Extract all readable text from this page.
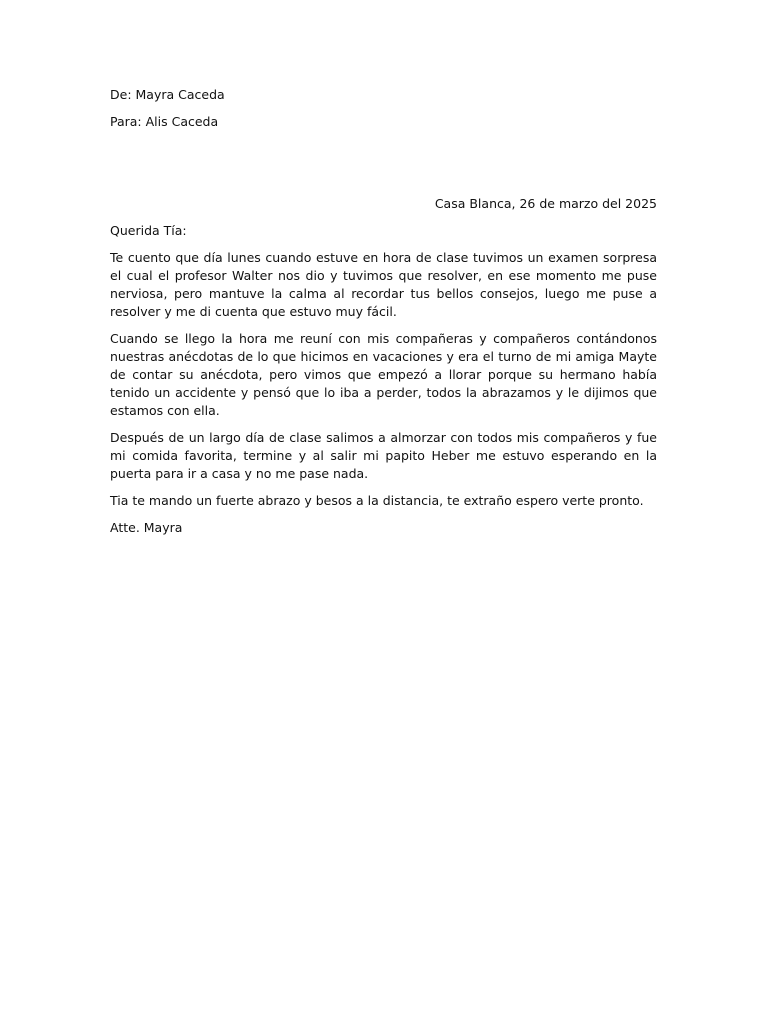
De: Mayra Caceda

Para: Alis Caceda

Casa Blanca, 26 de marzo del 2025

Querida Tía:

Te cuento que día lunes cuando estuve en hora de clase tuvimos un examen sorpresa el cual el profesor Walter nos dio y tuvimos que resolver, en ese momento me puse nerviosa, pero mantuve la calma al recordar tus bellos consejos, luego me puse a resolver y me di cuenta que estuvo muy fácil.

Cuando se llego la hora me reuní con mis compañeras y compañeros contándonos nuestras anécdotas de lo que hicimos en vacaciones y era el turno de mi amiga Mayte de contar su anécdota, pero vimos que empezó a llorar porque su hermano había tenido un accidente y pensó que lo iba a perder, todos la abrazamos y le dijimos que estamos con ella.

Después de un largo día de clase salimos a almorzar con todos mis compañeros y fue mi comida favorita, termine y al salir mi papito Heber me estuvo esperando en la puerta para ir a casa y no me pase nada.

Tia te mando un fuerte abrazo y besos a la distancia, te extraño espero verte pronto.

Atte. Mayra
